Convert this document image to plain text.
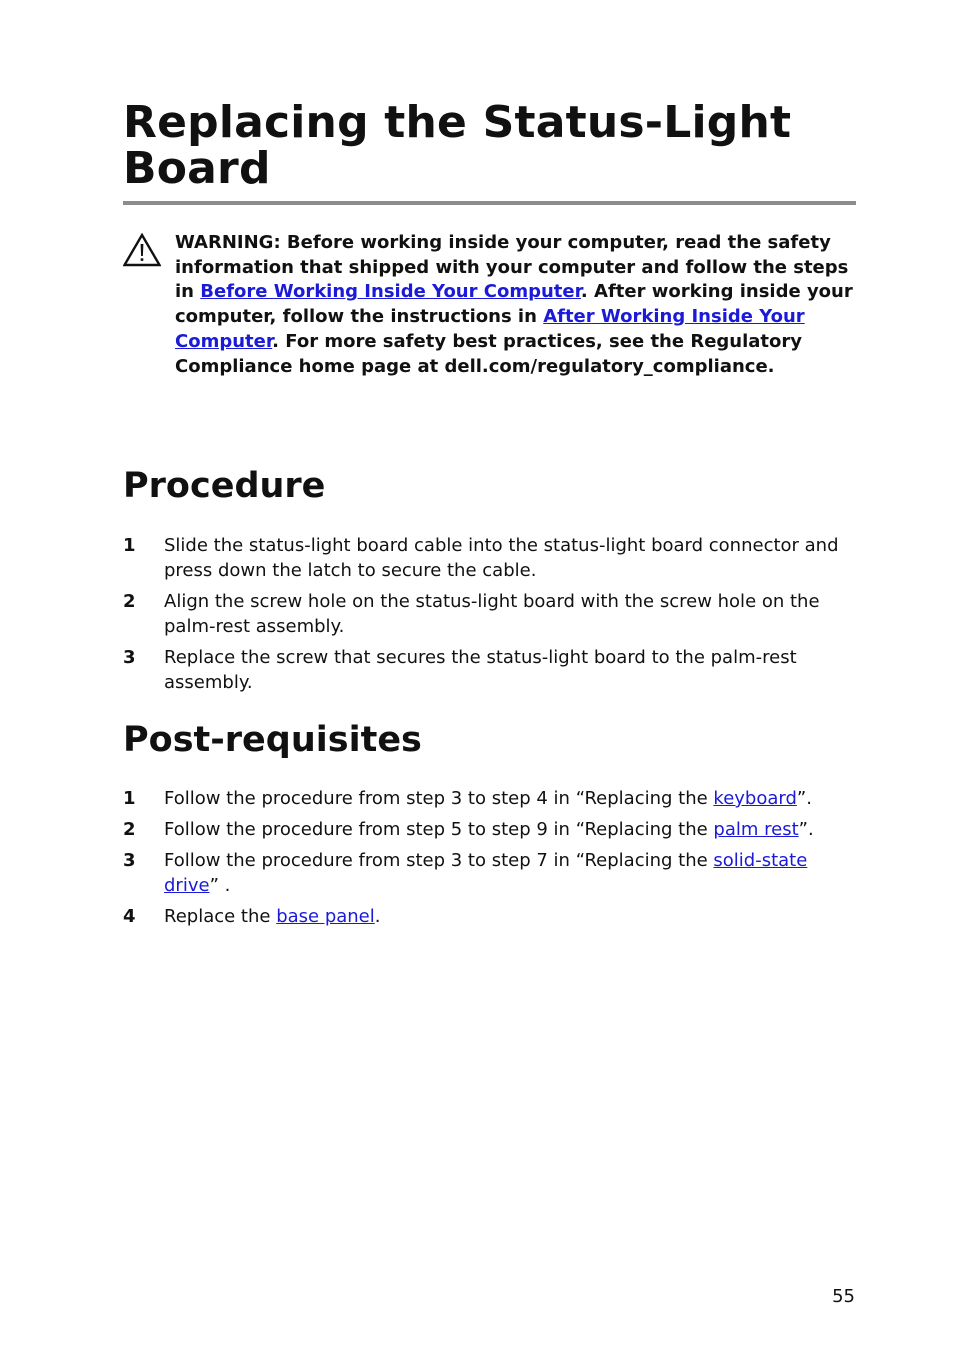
Replacing the Status-Light Board
WARNING: Before working inside your computer, read the safety information that shipped with your computer and follow the steps in Before Working Inside Your Computer. After working inside your computer, follow the instructions in After Working Inside Your Computer. For more safety best practices, see the Regulatory Compliance home page at dell.com/regulatory_compliance.
Procedure
1	Slide the status-light board cable into the status-light board connector and press down the latch to secure the cable.
2	Align the screw hole on the status-light board with the screw hole on the palm-rest assembly.
3	Replace the screw that secures the status-light board to the palm-rest assembly.
Post-requisites
1	Follow the procedure from step 3 to step 4 in “Replacing the keyboard”.
2	Follow the procedure from step 5 to step 9 in “Replacing the palm rest”.
3	Follow the procedure from step 3 to step 7 in “Replacing the solid-state drive” .
4	Replace the base panel.
55
